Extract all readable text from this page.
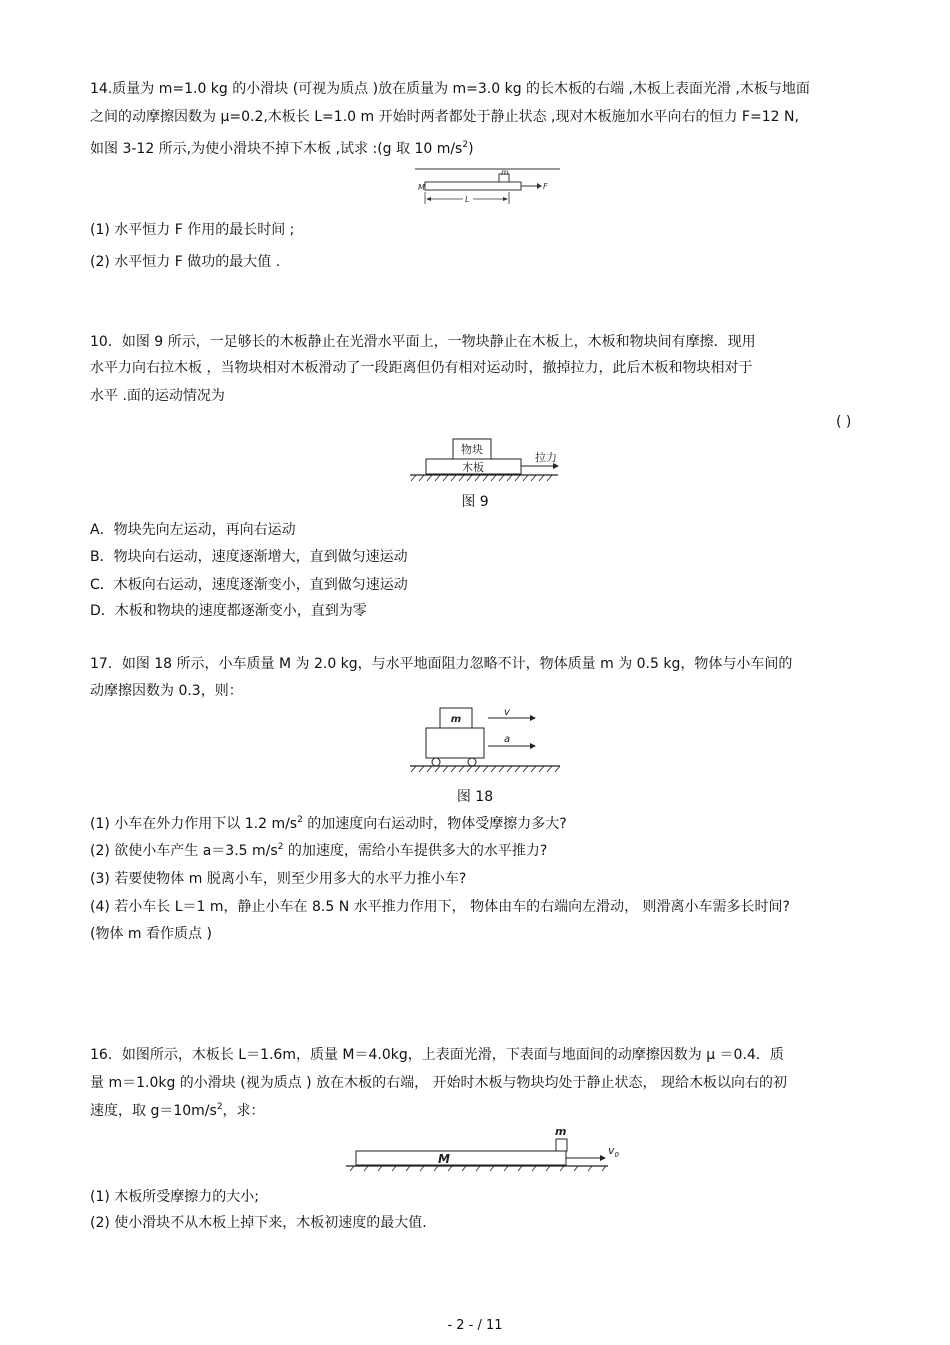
14.质量为 m=1.0 kg 的小滑块 (可视为质点 )放在质量为 m=3.0 kg 的长木板的右端 ,木板上表面光滑 ,木板与地面
之间的动摩擦因数为 μ=0.2,木板长 L=1.0 m 开始时两者都处于静止状态 ,现对木板施加水平向右的恒力 F=12 N,
如图 3-12 所示,为使小滑块不掉下木板 ,试求 :(g 取 10 $m/s^2$)
m
M	F
L
(1) 水平恒力 F 作用的最长时间 ;
(2) 水平恒力 F 做功的最大值 .
10．如图 9 所示，一足够长的木板静止在光滑水平面上，一物块静止在木板上，木板和物块间有摩擦．现用
水平力向右拉木板 ，当物块相对木板滑动了一段距离但仍有相对运动时，撤掉拉力，此后木板和物块相对于
水平 .面的运动情况为
( )
物块
木板
拉力
图 9
A．物块先向左运动，再向右运动
B．物块向右运动，速度逐渐增大，直到做匀速运动
C．木板向右运动，速度逐渐变小，直到做匀速运动
D．木板和物块的速度都逐渐变小，直到为零
17．如图 18 所示，小车质量 M 为 2.0 kg，与水平地面阻力忽略不计，物体质量 m 为 0.5 kg，物体与小车间的
动摩擦因数为 0.3，则：
m
v
a
图 18
(1) 小车在外力作用下以 1.2 $m/s^2$ 的加速度向右运动时，物体受摩擦力多大?
(2) 欲使小车产生 a＝3.5 $m/s^2$ 的加速度，需给小车提供多大的水平推力?
(3) 若要使物体 m 脱离小车，则至少用多大的水平力推小车?
(4) 若小车长 L＝1 m，静止小车在 8.5 N 水平推力作用下， 物体由车的右端向左滑动， 则滑离小车需多长时间?
(物体 m 看作质点 )
16．如图所示，木板长 L＝1.6m，质量 M＝4.0kg，上表面光滑，下表面与地面间的动摩擦因数为 μ ＝0.4．质
量 m＝1.0kg 的小滑块 (视为质点 ) 放在木板的右端， 开始时木板与物块均处于静止状态， 现给木板以向右的初
速度，取 $g=10m/s^2$，求：
M
m
$v_0$
(1) 木板所受摩擦力的大小;
(2) 使小滑块不从木板上掉下来，木板初速度的最大值.
- 2 - / 11
